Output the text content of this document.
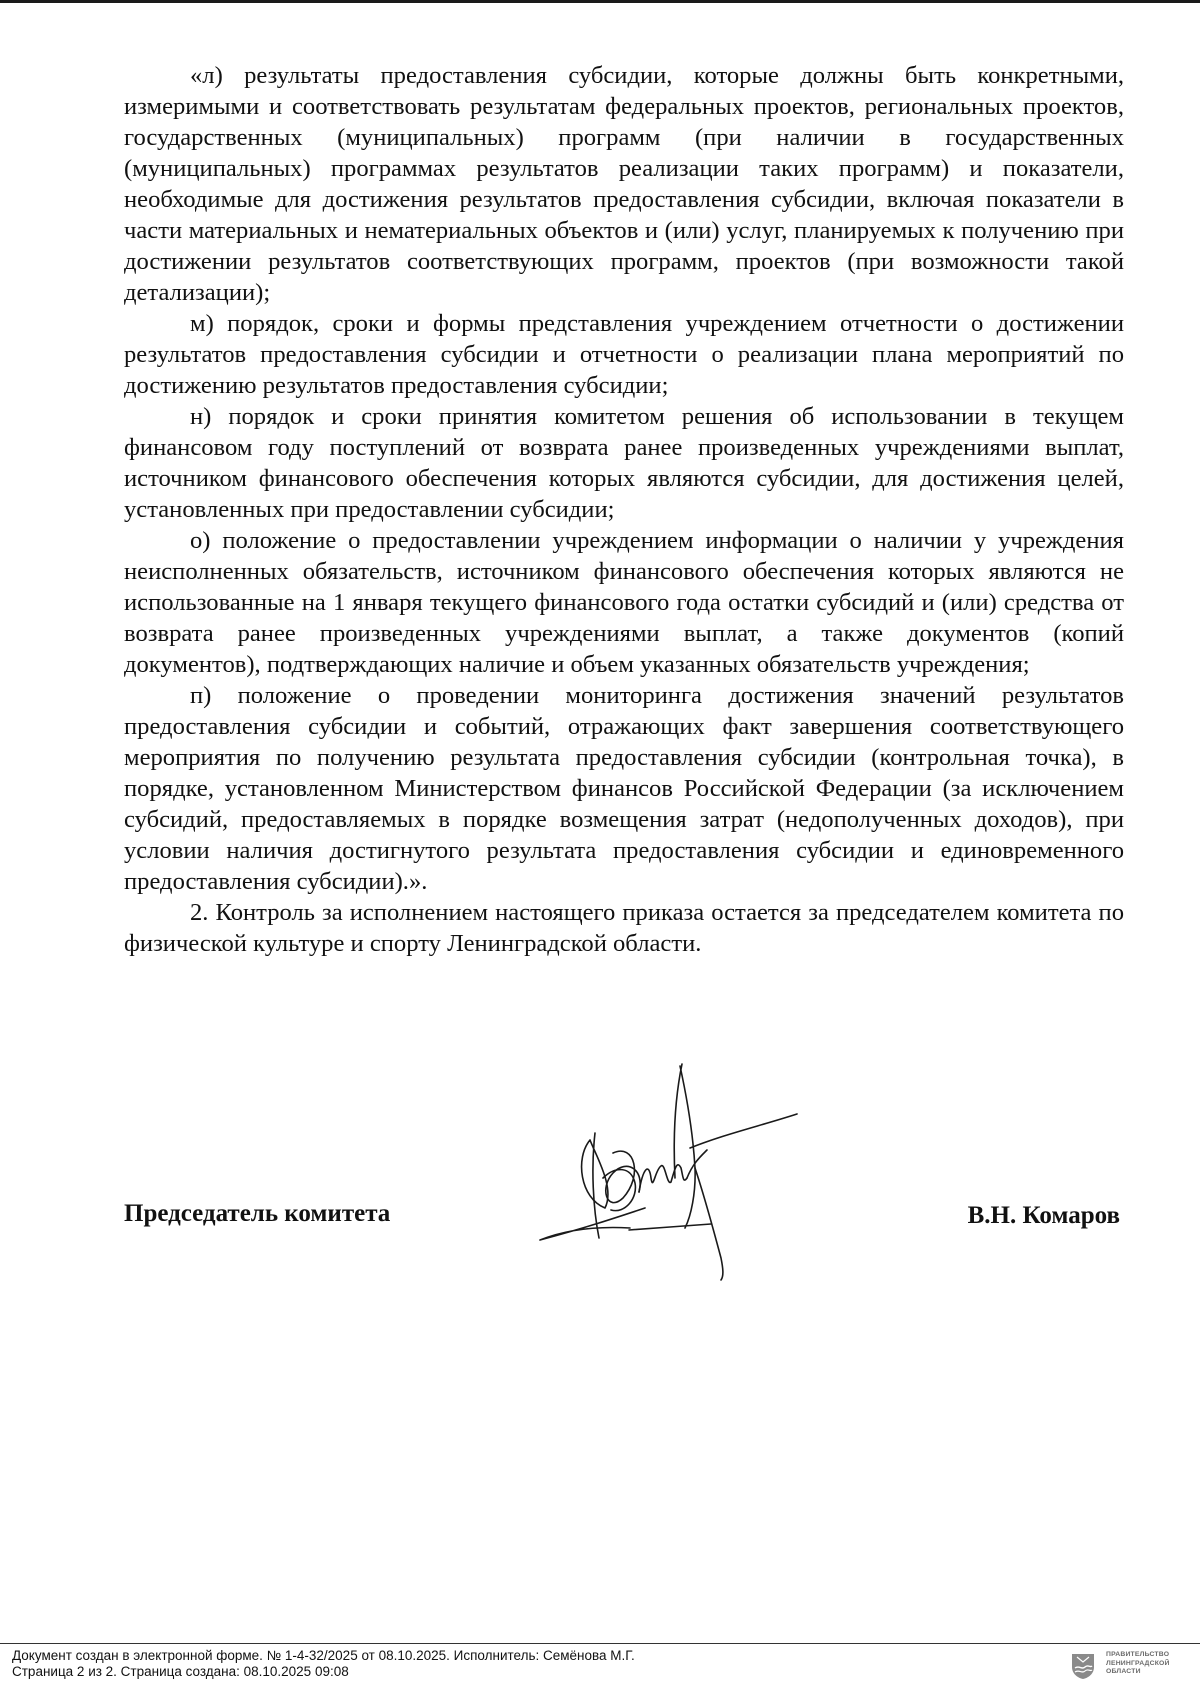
«л) результаты предоставления субсидии, которые должны быть конкретными, измеримыми и соответствовать результатам федеральных проектов, региональных проектов, государственных (муниципальных) программ (при наличии в государственных (муниципальных) программах результатов реализации таких программ) и показатели, необходимые для достижения результатов предоставления субсидии, включая показатели в части материальных и нематериальных объектов и (или) услуг, планируемых к получению при достижении результатов соответствующих программ, проектов (при возможности такой детализации);

м) порядок, сроки и формы представления учреждением отчетности о достижении результатов предоставления субсидии и отчетности о реализации плана мероприятий по достижению результатов предоставления субсидии;

н) порядок и сроки принятия комитетом решения об использовании в текущем финансовом году поступлений от возврата ранее произведенных учреждениями выплат, источником финансового обеспечения которых являются субсидии, для достижения целей, установленных при предоставлении субсидии;

о) положение о предоставлении учреждением информации о наличии у учреждения неисполненных обязательств, источником финансового обеспечения которых являются не использованные на 1 января текущего финансового года остатки субсидий и (или) средства от возврата ранее произведенных учреждениями выплат, а также документов (копий документов), подтверждающих наличие и объем указанных обязательств учреждения;

п) положение о проведении мониторинга достижения значений результатов предоставления субсидии и событий, отражающих факт завершения соответствующего мероприятия по получению результата предоставления субсидии (контрольная точка), в порядке, установленном Министерством финансов Российской Федерации (за исключением субсидий, предоставляемых в порядке возмещения затрат (недополученных доходов), при условии наличия достигнутого результата предоставления субсидии и единовременного предоставления субсидии).».

2. Контроль за исполнением настоящего приказа остается за председателем комитета по физической культуре и спорту Ленинградской области.

Председатель комитета	В.Н. Комаров
Документ создан в электронной форме. № 1-4-32/2025 от 08.10.2025. Исполнитель: Семёнова М.Г.
Страница 2 из 2. Страница создана: 08.10.2025 09:08
ПРАВИТЕЛЬСТВО
ЛЕНИНГРАДСКОЙ
ОБЛАСТИ
